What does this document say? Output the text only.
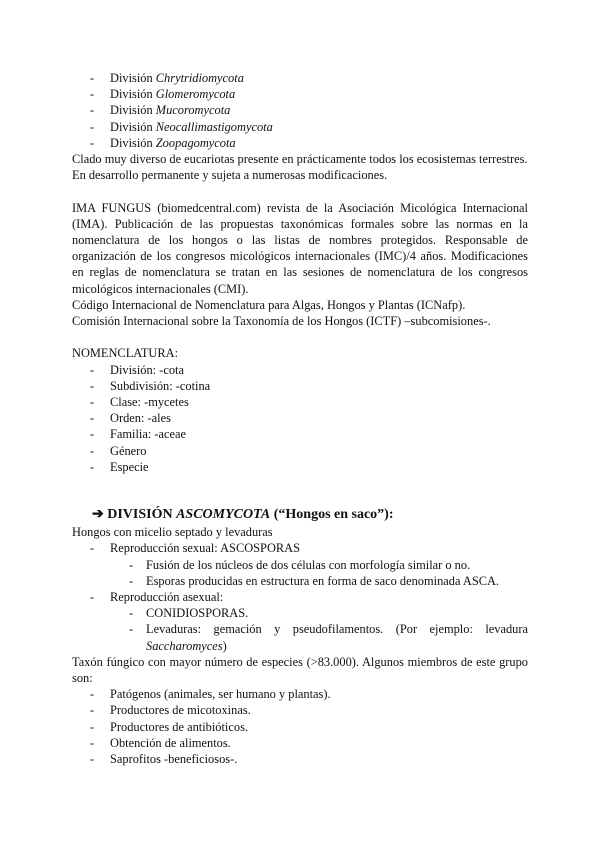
- División Chrytridiomycota
- División Glomeromycota
- División Mucoromycota
- División Neocallimastigomycota
- División Zoopagomycota
Clado muy diverso de eucariotas presente en prácticamente todos los ecosistemas terrestres.
En desarrollo permanente y sujeta a numerosas modificaciones.
IMA FUNGUS (biomedcentral.com) revista de la Asociación Micológica Internacional (IMA). Publicación de las propuestas taxonómicas formales sobre las normas en la nomenclatura de los hongos o las listas de nombres protegidos. Responsable de organización de los congresos micológicos internacionales (IMC)/4 años. Modificaciones en reglas de nomenclatura se tratan en las sesiones de nomenclatura de los congresos micológicos internacionales (CMI).
Código Internacional de Nomenclatura para Algas, Hongos y Plantas (ICNafp).
Comisión Internacional sobre la Taxonomía de los Hongos (ICTF) –subcomisiones-.
NOMENCLATURA:
- División: -cota
- Subdivisión: -cotina
- Clase: -mycetes
- Orden: -ales
- Familia: -aceae
- Género
- Especie
➔ DIVISIÓN ASCOMYCOTA (“Hongos en saco”):
Hongos con micelio septado y levaduras
- Reproducción sexual: ASCOSPORAS
- Fusión de los núcleos de dos células con morfología similar o no.
- Esporas producidas en estructura en forma de saco denominada ASCA.
- Reproducción asexual:
- CONIDIOSPORAS.
- Levaduras: gemación y pseudofilamentos. (Por ejemplo: levadura Saccharomyces)
Taxón fúngico con mayor número de especies (>83.000). Algunos miembros de este grupo son:
- Patógenos (animales, ser humano y plantas).
- Productores de micotoxinas.
- Productores de antibióticos.
- Obtención de alimentos.
- Saprofitos -beneficiosos-.
